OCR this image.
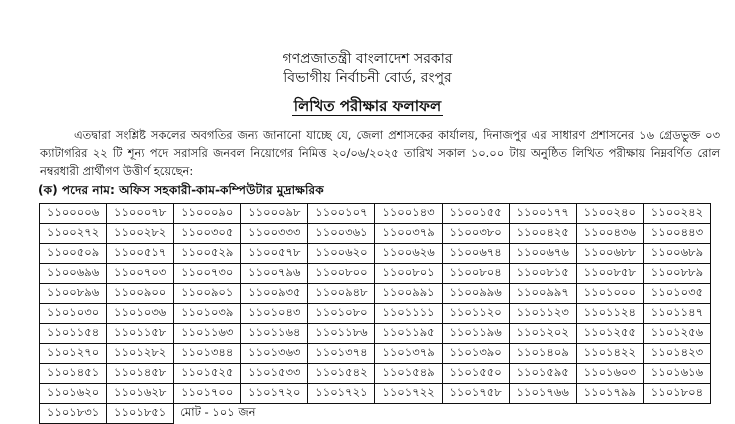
গণপ্রজাতন্ত্রী বাংলাদেশ সরকার
বিভাগীয় নির্বাচনী বোর্ড, রংপুর
লিখিত পরীক্ষার ফলাফল
এতদ্বারা সংশ্লিষ্ট সকলের অবগতির জন্য জানানো যাচ্ছে যে, জেলা প্রশাসকের কার্যালয়, দিনাজপুর এর সাধারণ প্রশাসনের ১৬ গ্রেডভুক্ত ০৩ ক্যাটাগরির ২২ টি শূন্য পদে সরাসরি জনবল নিয়োগের নিমিত্ত ২০/০৬/২০২৫ তারিখ সকাল ১০.০০ টায় অনুষ্ঠিত লিখিত পরীক্ষায় নিম্নবর্ণিত রোল নম্বরধারী প্রার্থীগণ উত্তীর্ণ হয়েছেন:
(ক) পদের নাম: অফিস সহকারী-কাম-কম্পিউটার মুদ্রাক্ষরিক
১১০০০০৬	১১০০০৭৮	১১০০০৯০	১১০০০৯৮	১১০০১০৭	১১০০১৪৩	১১০০১৫৫	১১০০১৭৭	১১০০২৪০	১১০০২৪২
১১০০২৭২	১১০০২৮২	১১০০৩০৫	১১০০৩৩৩	১১০০৩৬১	১১০০৩৭৯	১১০০৩৮০	১১০০৪২৫	১১০০৪৩৬	১১০০৪৪৩
১১০০৫০৯	১১০০৫১৭	১১০০৫২৯	১১০০৫৭৮	১১০০৬২০	১১০০৬২৬	১১০০৬৭৪	১১০০৬৭৬	১১০০৬৮৮	১১০০৬৮৯
১১০০৬৯৬	১১০০৭০৩	১১০০৭৩০	১১০০৭৯৬	১১০০৮০০	১১০০৮০১	১১০০৮০৪	১১০০৮১৫	১১০০৮৫৮	১১০০৮৮৯
১১০০৮৯৬	১১০০৯০০	১১০০৯০১	১১০০৯৩৫	১১০০৯৪৮	১১০০৯৯১	১১০০৯৯৬	১১০০৯৯৭	১১০১০০০	১১০১০৩৫
১১০১০৩০	১১০১০৩৬	১১০১০৩৯	১১০১০৪৩	১১০১০৮০	১১০১১১১	১১০১১২০	১১০১১২৩	১১০১১২৪	১১০১১৪৭
১১০১১৫৪	১১০১১৫৮	১১০১১৬৩	১১০১১৬৪	১১০১১৮৬	১১০১১৯৫	১১০১১৯৬	১১০১২০২	১১০১২৫৫	১১০১২৫৬
১১০১২৭০	১১০১২৮২	১১০১৩৪৪	১১০১৩৬৩	১১০১৩৭৪	১১০১৩৭৯	১১০১৩৯০	১১০১৪০৯	১১০১৪২২	১১০১৪২৩
১১০১৪৫১	১১০১৪৫৮	১১০১৫২৫	১১০১৫৩৩	১১০১৫৪২	১১০১৫৪৯	১১০১৫৫০	১১০১৫৯৫	১১০১৬০৩	১১০১৬১৬
১১০১৬২০	১১০১৬২৮	১১০১৭০০	১১০১৭২০	১১০১৭২১	১১০১৭২২	১১০১৭৫৮	১১০১৭৬৬	১১০১৭৯৯	১১০১৮০৪
১১০১৮৩১	১১০১৮৫১	মোট - ১০১ জন							
